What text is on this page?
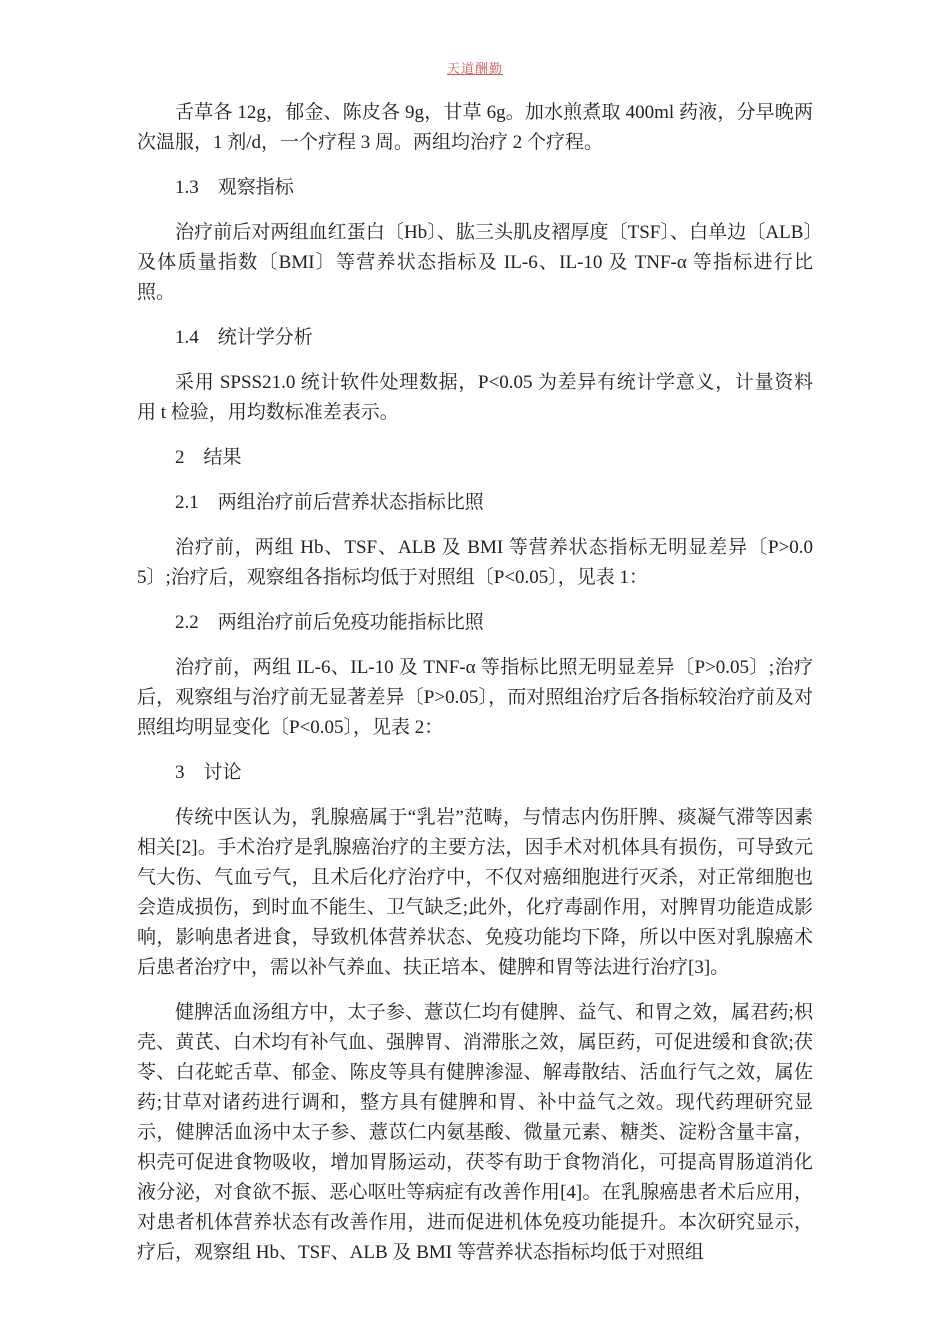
天道酬勤

舌草各 12g，郁金、陈皮各 9g，甘草 6g。加水煎煮取 400ml 药液，分早晚两次温服，1 剂/d，一个疗程 3 周。两组均治疗 2 个疗程。

1.3　观察指标

治疗前后对两组血红蛋白〔Hb〕、肱三头肌皮褶厚度〔TSF〕、白单边〔ALB〕及体质量指数〔BMI〕等营养状态指标及 IL-6、IL-10 及 TNF-α 等指标进行比照。

1.4　统计学分析

采用 SPSS21.0 统计软件处理数据，P<0.05 为差异有统计学意义，计量资料用 t 检验，用均数标准差表示。

2　结果

2.1　两组治疗前后营养状态指标比照

治疗前，两组 Hb、TSF、ALB 及 BMI 等营养状态指标无明显差异〔P>0.05〕;治疗后，观察组各指标均低于对照组〔P<0.05〕，见表 1：

2.2　两组治疗前后免疫功能指标比照

治疗前，两组 IL-6、IL-10 及 TNF-α 等指标比照无明显差异〔P>0.05〕;治疗后，观察组与治疗前无显著差异〔P>0.05〕，而对照组治疗后各指标较治疗前及对照组均明显变化〔P<0.05〕，见表 2：

3　讨论

传统中医认为，乳腺癌属于“乳岩”范畴，与情志内伤肝脾、痰凝气滞等因素相关[2]。手术治疗是乳腺癌治疗的主要方法，因手术对机体具有损伤，可导致元气大伤、气血亏气，且术后化疗治疗中，不仅对癌细胞进行灭杀，对正常细胞也会造成损伤，到时血不能生、卫气缺乏;此外，化疗毒副作用，对脾胃功能造成影响，影响患者进食，导致机体营养状态、免疫功能均下降，所以中医对乳腺癌术后患者治疗中，需以补气养血、扶正培本、健脾和胃等法进行治疗[3]。

健脾活血汤组方中，太子参、薏苡仁均有健脾、益气、和胃之效，属君药;枳壳、黄芪、白术均有补气血、强脾胃、消滞胀之效，属臣药，可促进缓和食欲;茯苓、白花蛇舌草、郁金、陈皮等具有健脾渗湿、解毒散结、活血行气之效，属佐药;甘草对诸药进行调和，整方具有健脾和胃、补中益气之效。现代药理研究显示，健脾活血汤中太子参、薏苡仁内氨基酸、微量元素、糖类、淀粉含量丰富，枳壳可促进食物吸收，增加胃肠运动，茯苓有助于食物消化，可提高胃肠道消化液分泌，对食欲不振、恶心呕吐等病症有改善作用[4]。在乳腺癌患者术后应用，对患者机体营养状态有改善作用，进而促进机体免疫功能提升。本次研究显示，疗后，观察组 Hb、TSF、ALB 及 BMI 等营养状态指标均低于对照组
